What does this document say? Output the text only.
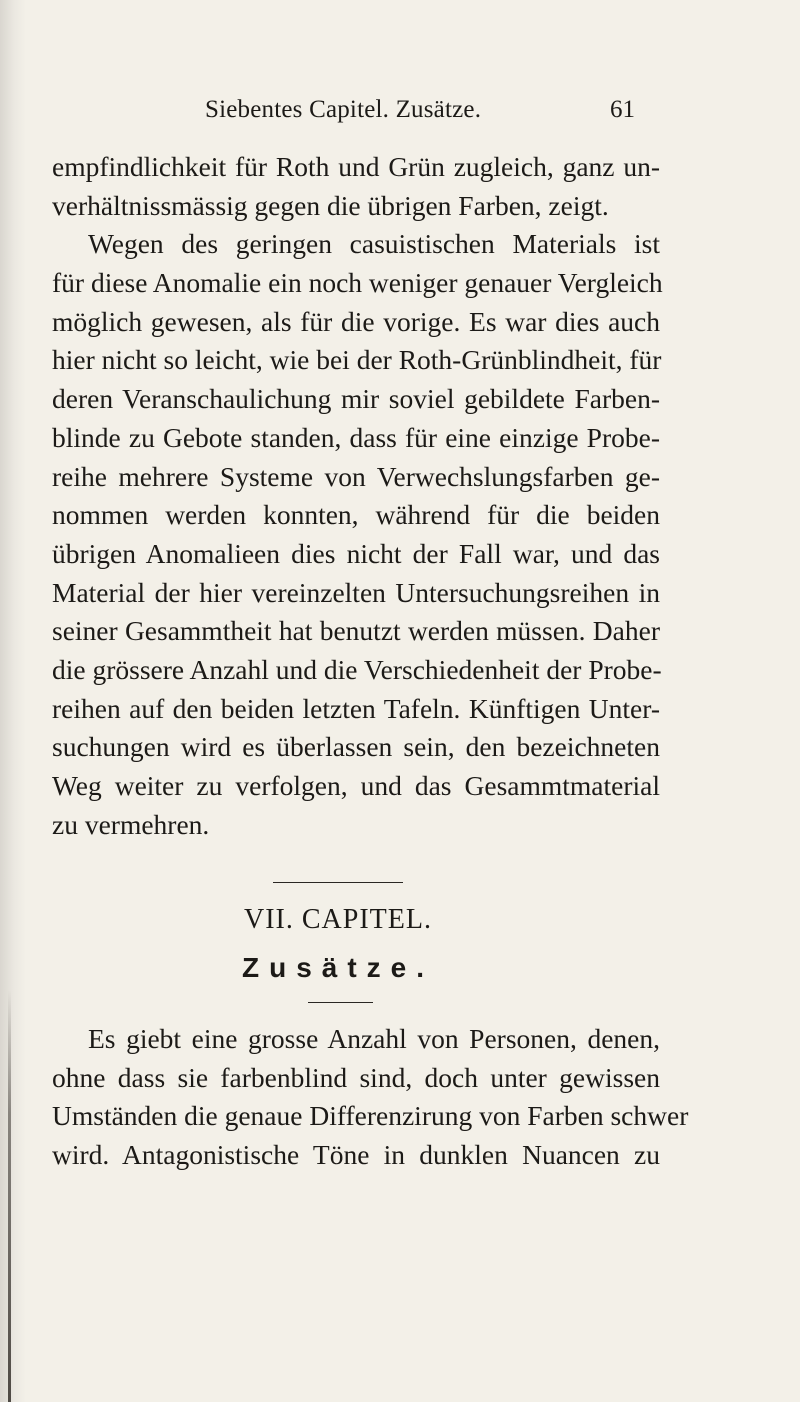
Siebentes Capitel. Zusätze.	61
empfindlichkeit für Roth und Grün zugleich, ganz un-
verhältnissmässig gegen die übrigen Farben, zeigt.
Wegen des geringen casuistischen Materials ist
für diese Anomalie ein noch weniger genauer Vergleich
möglich gewesen, als für die vorige. Es war dies auch
hier nicht so leicht, wie bei der Roth-Grünblindheit, für
deren Veranschaulichung mir soviel gebildete Farben-
blinde zu Gebote standen, dass für eine einzige Probe-
reihe mehrere Systeme von Verwechslungsfarben ge-
nommen werden konnten, während für die beiden
übrigen Anomalieen dies nicht der Fall war, und das
Material der hier vereinzelten Untersuchungsreihen in
seiner Gesammtheit hat benutzt werden müssen. Daher
die grössere Anzahl und die Verschiedenheit der Probe-
reihen auf den beiden letzten Tafeln. Künftigen Unter-
suchungen wird es überlassen sein, den bezeichneten
Weg weiter zu verfolgen, und das Gesammtmaterial
zu vermehren.
VII. CAPITEL.
Zusätze.
Es giebt eine grosse Anzahl von Personen, denen,
ohne dass sie farbenblind sind, doch unter gewissen
Umständen die genaue Differenzirung von Farben schwer
wird. Antagonistische Töne in dunklen Nuancen zu
